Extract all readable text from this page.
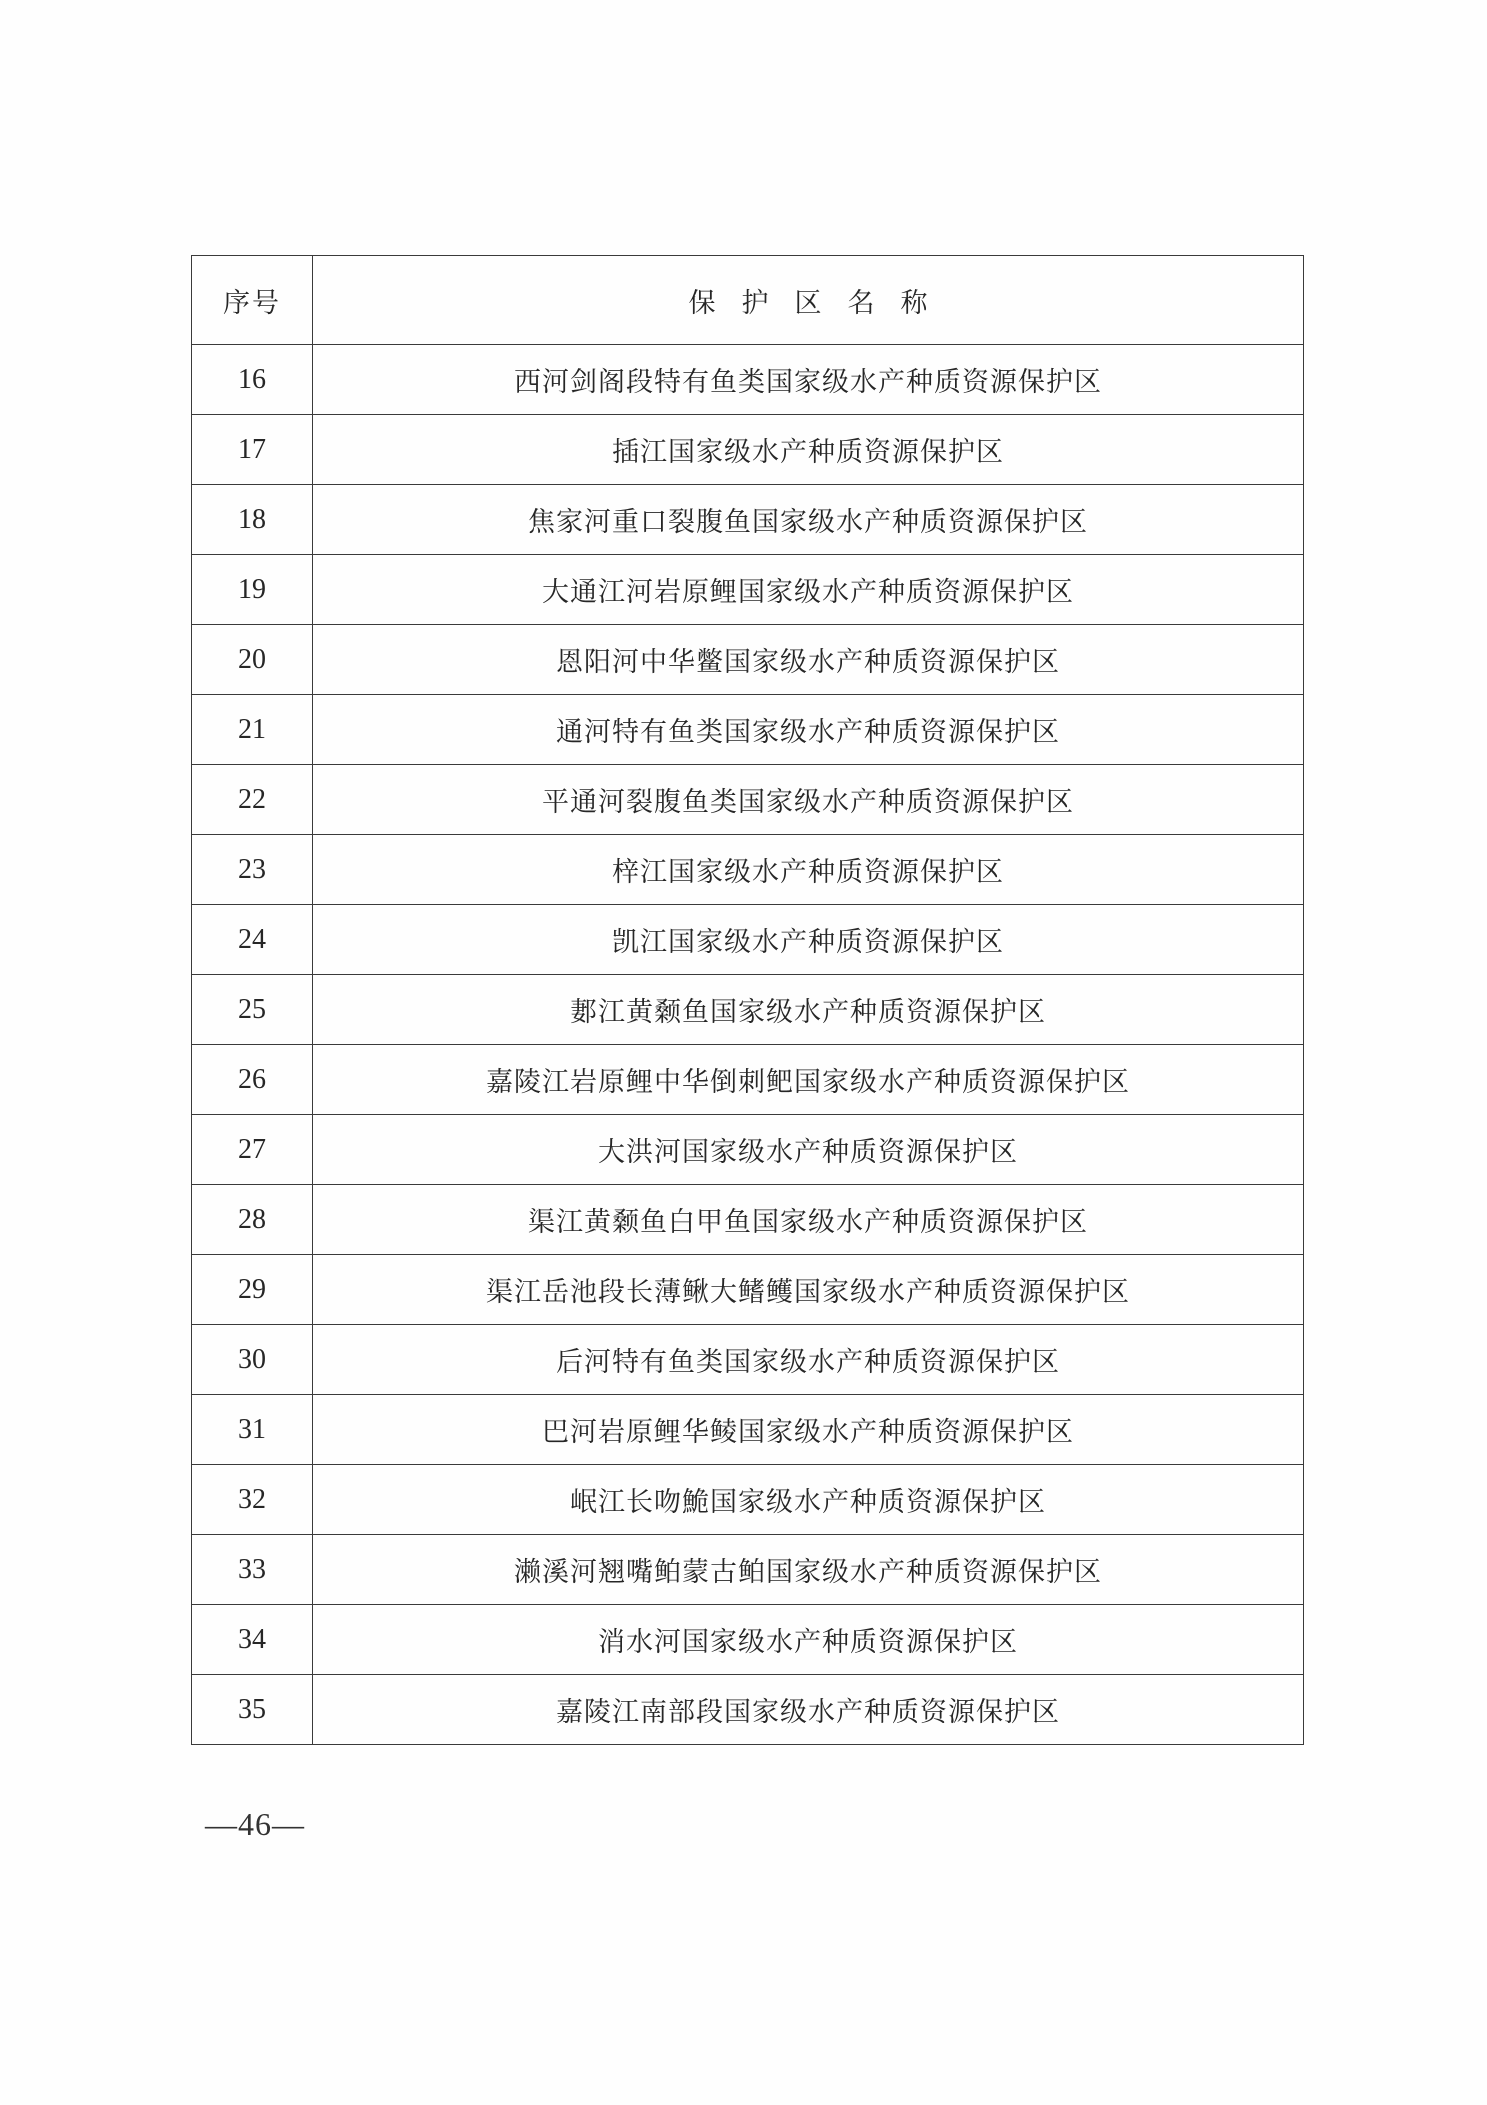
序号	保护区名称
16	西河剑阁段特有鱼类国家级水产种质资源保护区
17	插江国家级水产种质资源保护区
18	焦家河重口裂腹鱼国家级水产种质资源保护区
19	大通江河岩原鲤国家级水产种质资源保护区
20	恩阳河中华鳖国家级水产种质资源保护区
21	通河特有鱼类国家级水产种质资源保护区
22	平通河裂腹鱼类国家级水产种质资源保护区
23	梓江国家级水产种质资源保护区
24	凯江国家级水产种质资源保护区
25	郪江黄颡鱼国家级水产种质资源保护区
26	嘉陵江岩原鲤中华倒刺鲃国家级水产种质资源保护区
27	大洪河国家级水产种质资源保护区
28	渠江黄颡鱼白甲鱼国家级水产种质资源保护区
29	渠江岳池段长薄鳅大鳍鳠国家级水产种质资源保护区
30	后河特有鱼类国家级水产种质资源保护区
31	巴河岩原鲤华鲮国家级水产种质资源保护区
32	岷江长吻鮠国家级水产种质资源保护区
33	濑溪河翘嘴鲌蒙古鲌国家级水产种质资源保护区
34	消水河国家级水产种质资源保护区
35	嘉陵江南部段国家级水产种质资源保护区
—46—
